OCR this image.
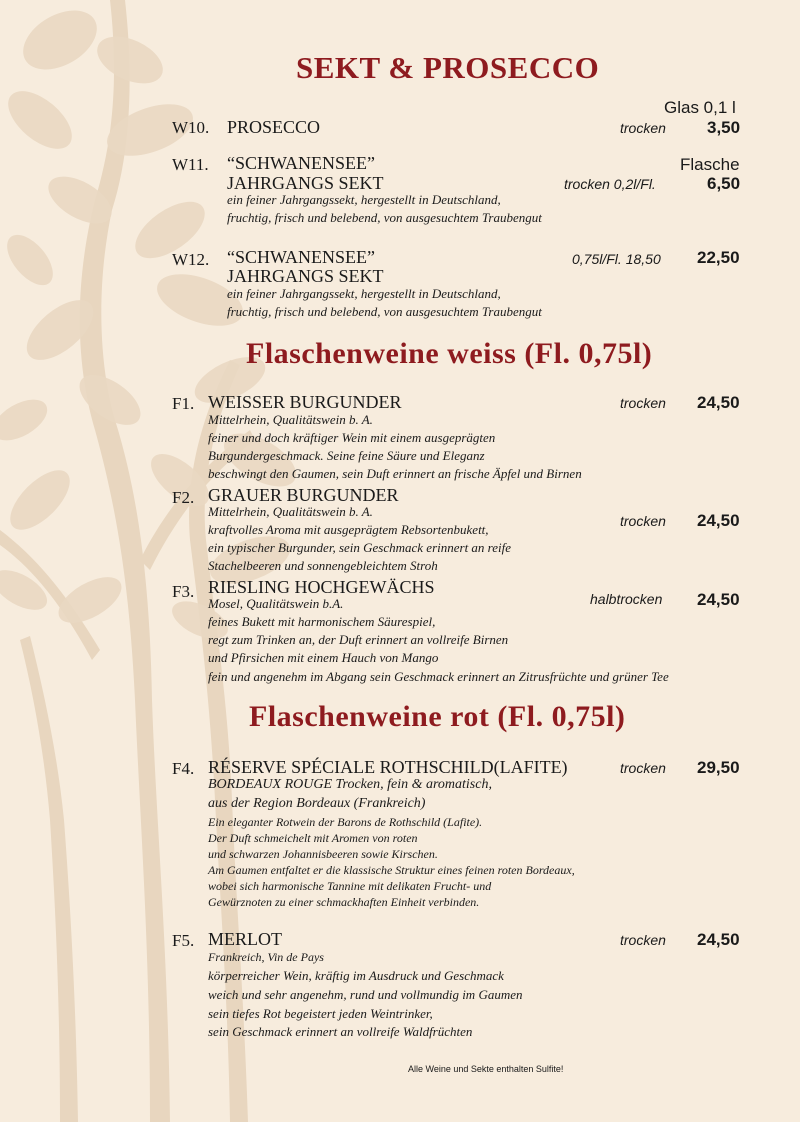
SEKT & PROSECCO
Glas 0,1 l
W10. PROSECCO	trocken 3,50
W11. “SCHWANENSEE”	Flasche
JAHRGANGS SEKT	trocken 0,2l/Fl.	6,50
ein feiner Jahrgangssekt, hergestellt in Deutschland,
fruchtig, frisch und belebend, von ausgesuchtem Traubengut
W12. “SCHWANENSEE”	0,75l/Fl. 18,50 22,50
JAHRGANGS SEKT
ein feiner Jahrgangssekt, hergestellt in Deutschland,
fruchtig, frisch und belebend, von ausgesuchtem Traubengut
Flaschenweine weiss (Fl. 0,75l)
F1. WEISSER BURGUNDER	trocken 24,50
Mittelrhein, Qualitätswein b. A.
feiner und doch kräftiger Wein mit einem ausgeprägten
Burgundergeschmack. Seine feine Säure und Eleganz
beschwingt den Gaumen, sein Duft erinnert an frische Äpfel und Birnen
F2. GRAUER BURGUNDER
Mittelrhein, Qualitätswein b. A.
trocken 24,50
kraftvolles Aroma mit ausgeprägtem Rebsortenbukett,
ein typischer Burgunder, sein Geschmack erinnert an reife
Stachelbeeren und sonnengebleichtem Stroh
F3. RIESLING HOCHGEWÄCHS
halbtrocken 24,50
Mosel, Qualitätswein b.A.
feines Bukett mit harmonischem Säurespiel,
regt zum Trinken an, der Duft erinnert an vollreife Birnen
und Pfirsichen mit einem Hauch von Mango
fein und angenehm im Abgang sein Geschmack erinnert an Zitrusfrüchte und grüner Tee
Flaschenweine rot (Fl. 0,75l)
F4. RÉSERVE SPÉCIALE ROTHSCHILD(LAFITE)	trocken 29,50
BORDEAUX ROUGE Trocken, fein & aromatisch,
aus der Region Bordeaux (Frankreich)
Ein eleganter Rotwein der Barons de Rothschild (Lafite).
Der Duft schmeichelt mit Aromen von roten
und schwarzen Johannisbeeren sowie Kirschen.
Am Gaumen entfaltet er die klassische Struktur eines feinen roten Bordeaux,
wobei sich harmonische Tannine mit delikaten Frucht- und
Gewürznoten zu einer schmackhaften Einheit verbinden.
F5. MERLOT	trocken 24,50
Frankreich, Vin de Pays
körperreicher Wein, kräftig im Ausdruck und Geschmack
weich und sehr angenehm, rund und vollmundig im Gaumen
sein tiefes Rot begeistert jeden Weintrinker,
sein Geschmack erinnert an vollreife Waldfrüchten
Alle Weine und Sekte enthalten Sulfite!
